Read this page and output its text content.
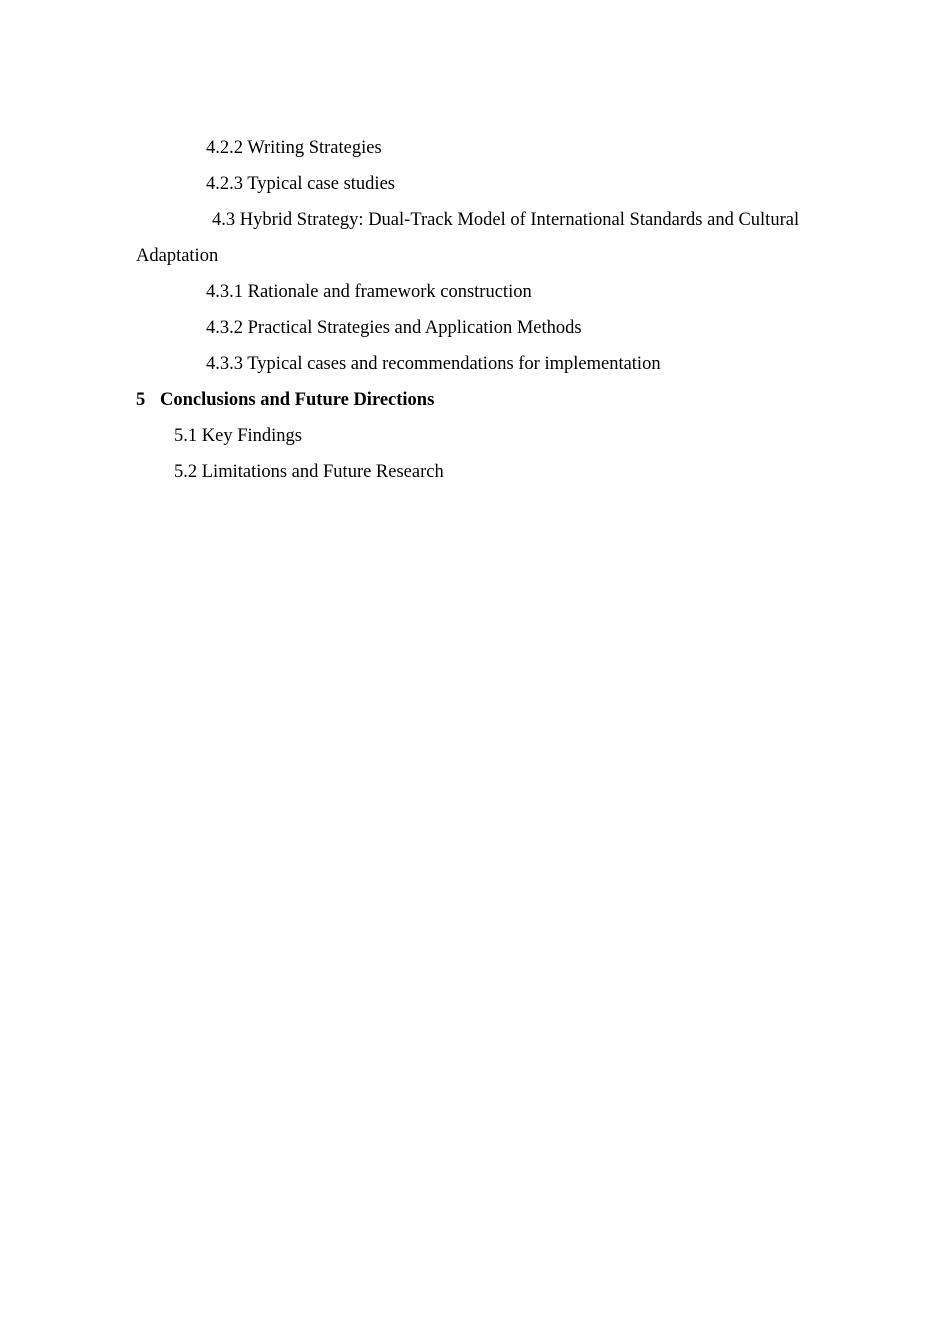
4.2.2 Writing Strategies
4.2.3 Typical case studies
4.3 Hybrid Strategy: Dual-Track Model of International Standards and Cultural Adaptation
4.3.1 Rationale and framework construction
4.3.2 Practical Strategies and Application Methods
4.3.3 Typical cases and recommendations for implementation
5 Conclusions and Future Directions
5.1 Key Findings
5.2 Limitations and Future Research
